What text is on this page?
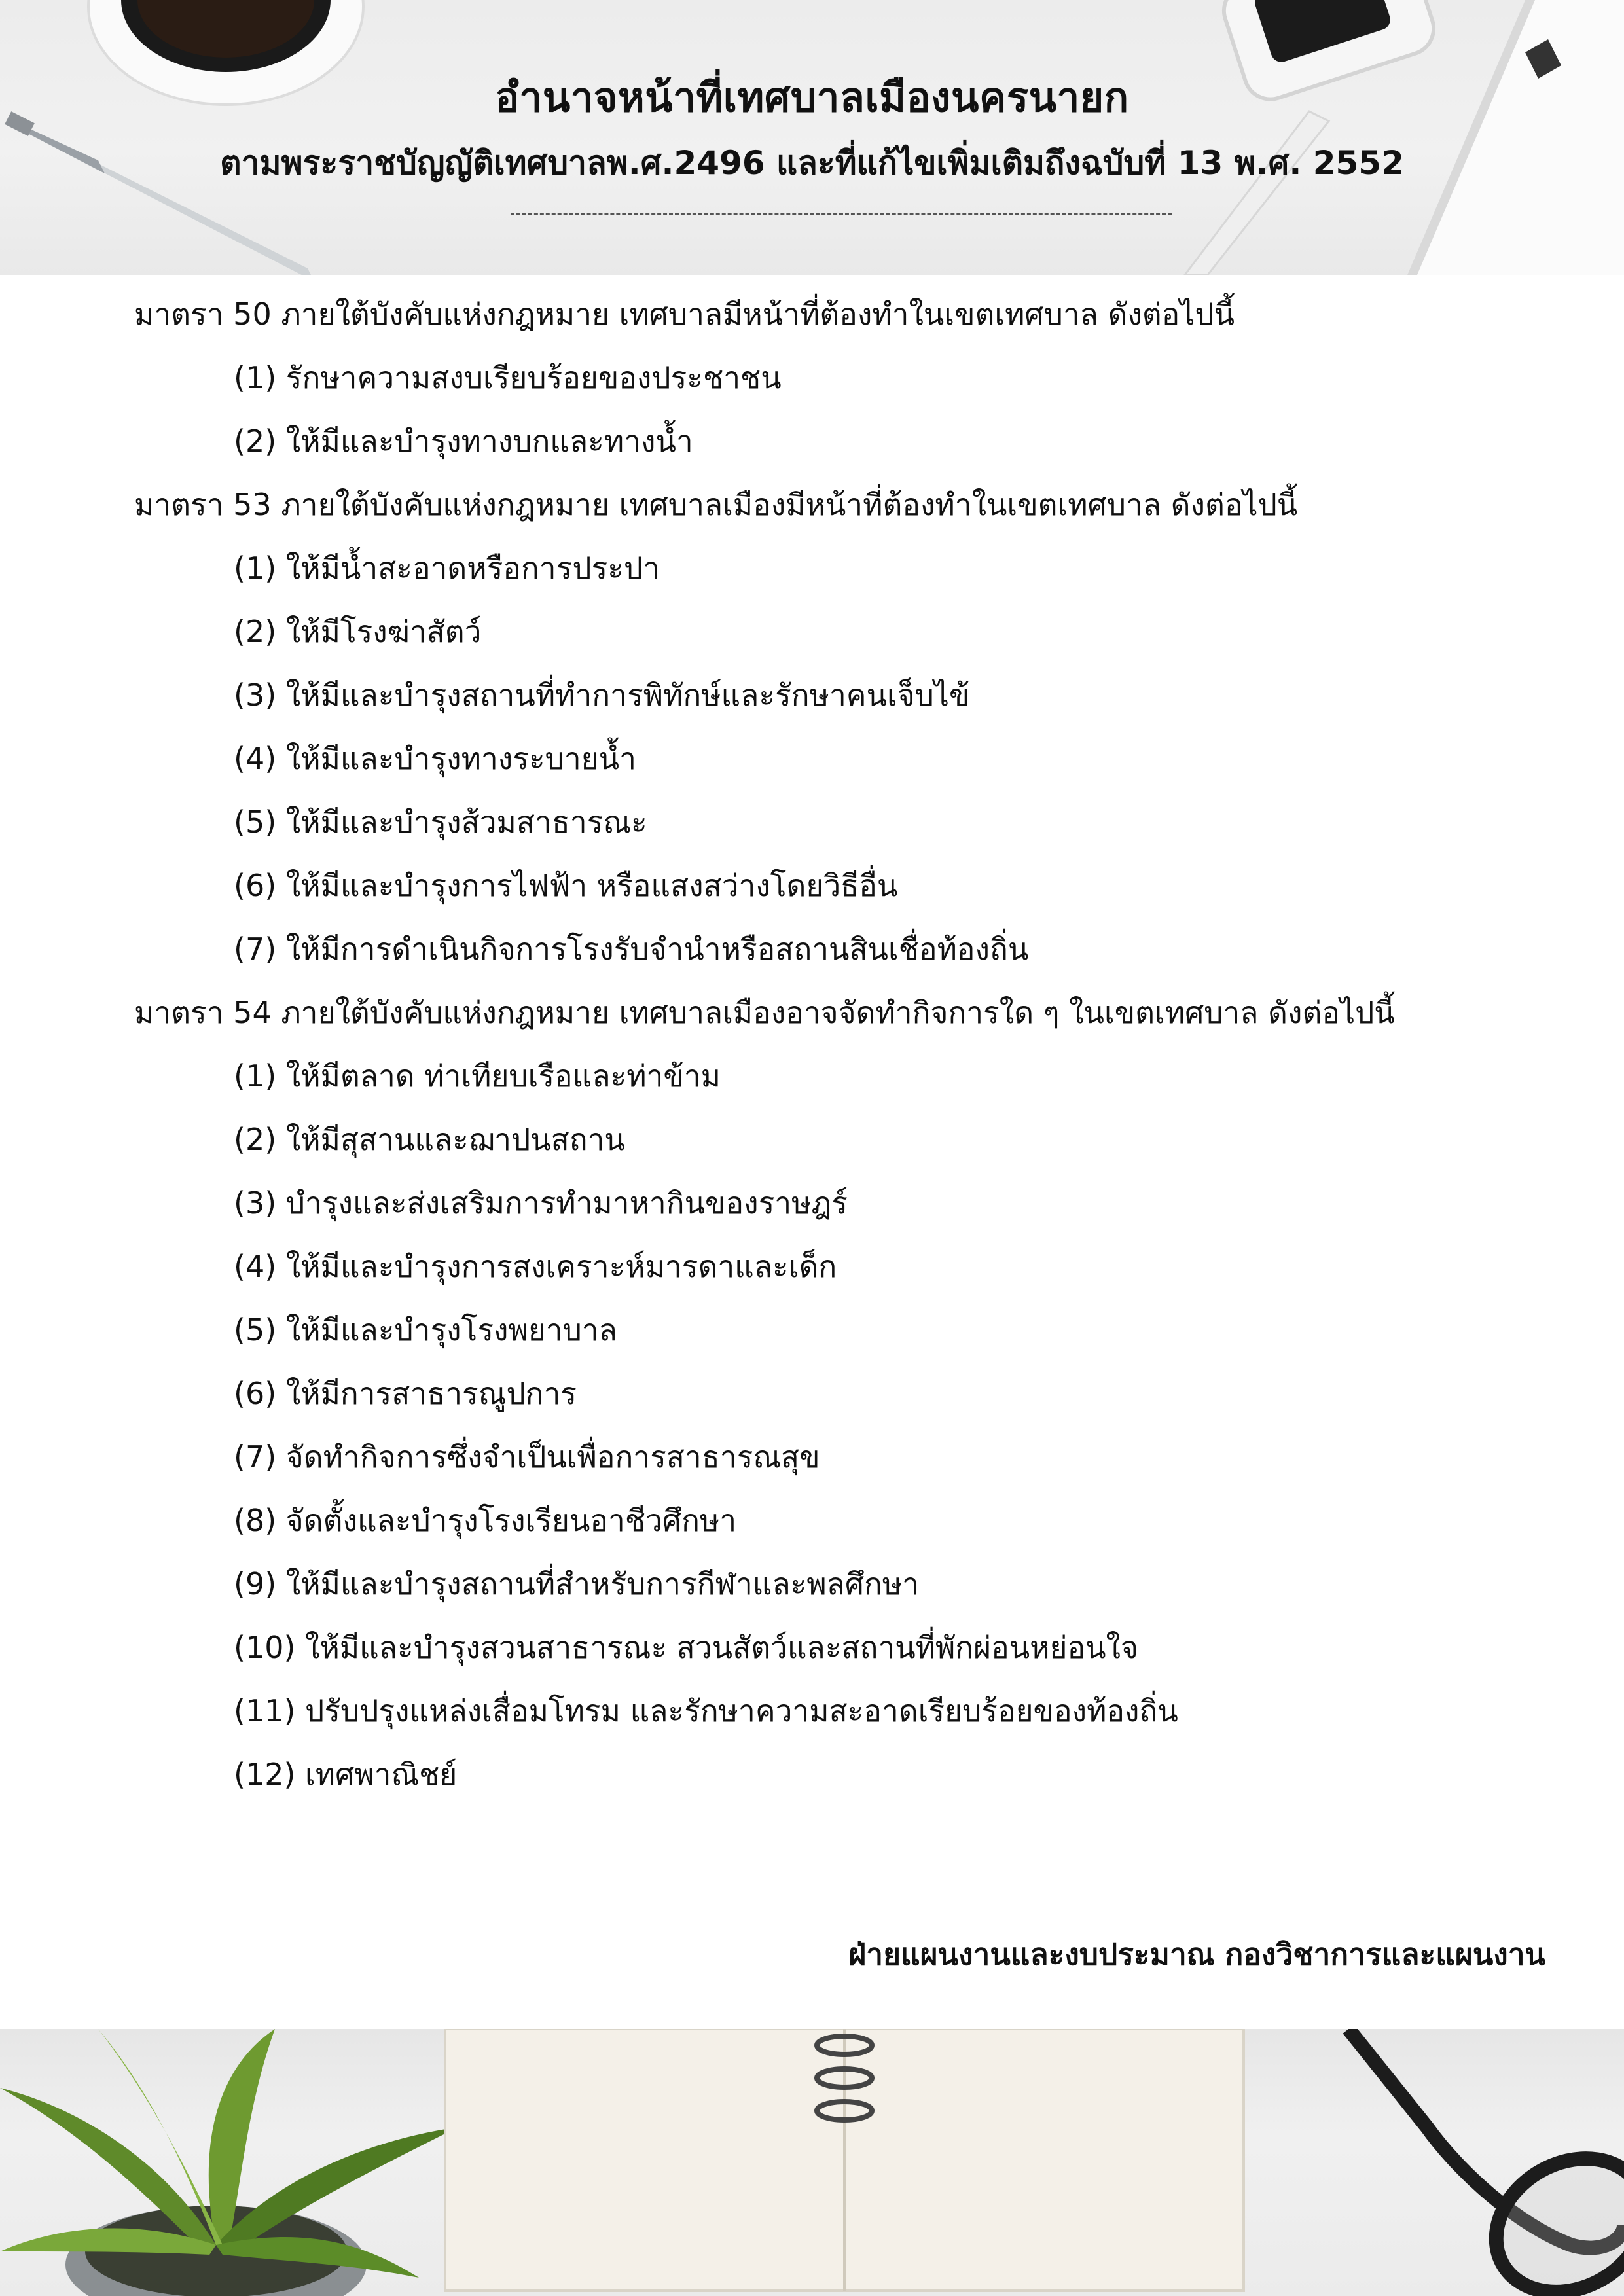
อำนาจหน้าที่เทศบาลเมืองนครนายก
ตามพระราชบัญญัติเทศบาลพ.ศ.2496 และที่แก้ไขเพิ่มเติมถึงฉบับที่ 13 พ.ศ. 2552
มาตรา 50 ภายใต้บังคับแห่งกฎหมาย เทศบาลมีหน้าที่ต้องทำในเขตเทศบาล ดังต่อไปนี้
(1) รักษาความสงบเรียบร้อยของประชาชน
(2) ให้มีและบำรุงทางบกและทางน้ำ
มาตรา 53 ภายใต้บังคับแห่งกฎหมาย เทศบาลเมืองมีหน้าที่ต้องทำในเขตเทศบาล ดังต่อไปนี้
(1) ให้มีน้ำสะอาดหรือการประปา
(2) ให้มีโรงฆ่าสัตว์
(3) ให้มีและบำรุงสถานที่ทำการพิทักษ์และรักษาคนเจ็บไข้
(4) ให้มีและบำรุงทางระบายน้ำ
(5) ให้มีและบำรุงส้วมสาธารณะ
(6) ให้มีและบำรุงการไฟฟ้า หรือแสงสว่างโดยวิธีอื่น
(7) ให้มีการดำเนินกิจการโรงรับจำนำหรือสถานสินเชื่อท้องถิ่น
มาตรา 54 ภายใต้บังคับแห่งกฎหมาย เทศบาลเมืองอาจจัดทำกิจการใด ๆ ในเขตเทศบาล ดังต่อไปนี้
(1) ให้มีตลาด ท่าเทียบเรือและท่าข้าม
(2) ให้มีสุสานและฌาปนสถาน
(3) บำรุงและส่งเสริมการทำมาหากินของราษฎร์
(4) ให้มีและบำรุงการสงเคราะห์มารดาและเด็ก
(5) ให้มีและบำรุงโรงพยาบาล
(6) ให้มีการสาธารณูปการ
(7) จัดทำกิจการซึ่งจำเป็นเพื่อการสาธารณสุข
(8) จัดตั้งและบำรุงโรงเรียนอาชีวศึกษา
(9) ให้มีและบำรุงสถานที่สำหรับการกีฬาและพลศึกษา
(10) ให้มีและบำรุงสวนสาธารณะ สวนสัตว์และสถานที่พักผ่อนหย่อนใจ
(11) ปรับปรุงแหล่งเสื่อมโทรม และรักษาความสะอาดเรียบร้อยของท้องถิ่น
(12) เทศพาณิชย์
ฝ่ายแผนงานและงบประมาณ กองวิชาการและแผนงาน
